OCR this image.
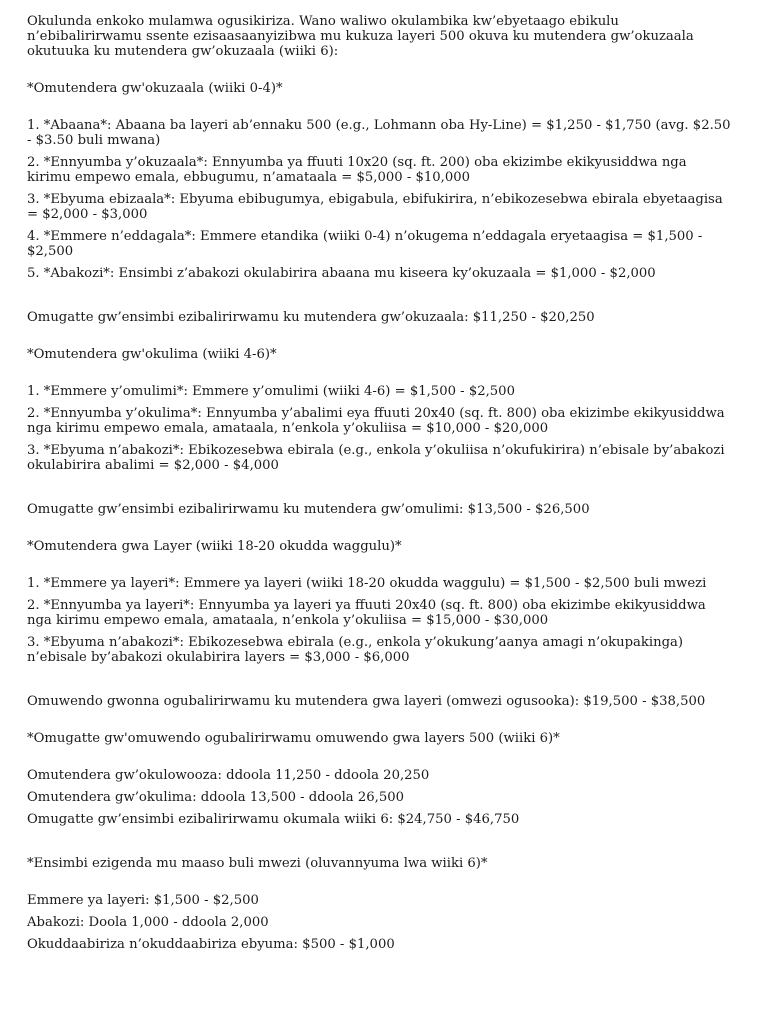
Okulunda enkoko mulamwa ogusikiriza. Wano waliwo okulambika kw’ebyetaago ebikulu n’ebibalirirwamu ssente ezisaasaanyizibwa mu kukuza layeri 500 okuva ku mutendera gw’okuzaala okutuuka ku mutendera gw’okuzaala (wiiki 6):

*Omutendera gw'okuzaala (wiiki 0-4)*

1. *Abaana*: Abaana ba layeri ab’ennaku 500 (e.g., Lohmann oba Hy-Line) = $1,250 - $1,750 (avg. $2.50 - $3.50 buli mwana)

2. *Ennyumba y’okuzaala*: Ennyumba ya ffuuti 10x20 (sq. ft. 200) oba ekizimbe ekikyusiddwa nga kirimu empewo emala, ebbugumu, n’amataala = $5,000 - $10,000

3. *Ebyuma ebizaala*: Ebyuma ebibugumya, ebigabula, ebifukirira, n’ebikozesebwa ebirala ebyetaagisa = $2,000 - $3,000

4. *Emmere n’eddagala*: Emmere etandika (wiiki 0-4) n’okugema n’eddagala eryetaagisa = $1,500 - $2,500

5. *Abakozi*: Ensimbi z’abakozi okulabirira abaana mu kiseera ky’okuzaala = $1,000 - $2,000

Omugatte gw’ensimbi ezibalirirwamu ku mutendera gw’okuzaala: $11,250 - $20,250

*Omutendera gw'okulima (wiiki 4-6)*

1. *Emmere y’omulimi*: Emmere y’omulimi (wiiki 4-6) = $1,500 - $2,500

2. *Ennyumba y’okulima*: Ennyumba y’abalimi eya ffuuti 20x40 (sq. ft. 800) oba ekizimbe ekikyusiddwa nga kirimu empewo emala, amataala, n’enkola y’okuliisa = $10,000 - $20,000

3. *Ebyuma n’abakozi*: Ebikozesebwa ebirala (e.g., enkola y’okuliisa n’okufukirira) n’ebisale by’abakozi okulabirira abalimi = $2,000 - $4,000

Omugatte gw’ensimbi ezibalirirwamu ku mutendera gw’omulimi: $13,500 - $26,500

*Omutendera gwa Layer (wiiki 18-20 okudda waggulu)*

1. *Emmere ya layeri*: Emmere ya layeri (wiiki 18-20 okudda waggulu) = $1,500 - $2,500 buli mwezi

2. *Ennyumba ya layeri*: Ennyumba ya layeri ya ffuuti 20x40 (sq. ft. 800) oba ekizimbe ekikyusiddwa nga kirimu empewo emala, amataala, n’enkola y’okuliisa = $15,000 - $30,000

3. *Ebyuma n’abakozi*: Ebikozesebwa ebirala (e.g., enkola y’okukung’aanya amagi n’okupakinga) n’ebisale by’abakozi okulabirira layers = $3,000 - $6,000

Omuwendo gwonna ogubalirirwamu ku mutendera gwa layeri (omwezi ogusooka): $19,500 - $38,500

*Omugatte gw'omuwendo ogubalirirwamu omuwendo gwa layers 500 (wiiki 6)*

Omutendera gw’okulowooza: ddoola 11,250 - ddoola 20,250

Omutendera gw’okulima: ddoola 13,500 - ddoola 26,500

Omugatte gw’ensimbi ezibalirirwamu okumala wiiki 6: $24,750 - $46,750

*Ensimbi ezigenda mu maaso buli mwezi (oluvannyuma lwa wiiki 6)*

Emmere ya layeri: $1,500 - $2,500

Abakozi: Doola 1,000 - ddoola 2,000

Okuddaabiriza n’okuddaabiriza ebyuma: $500 - $1,000
